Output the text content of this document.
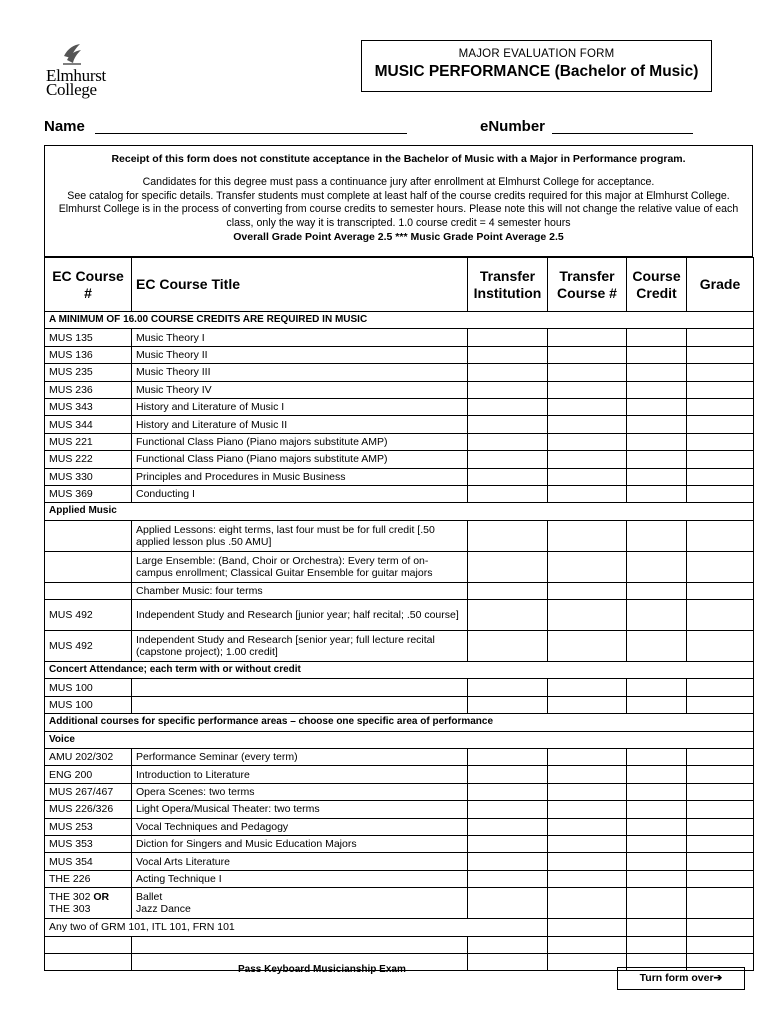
Elmhurst
College
MAJOR EVALUATION FORM
MUSIC PERFORMANCE (Bachelor of Music)
Name	eNumber
Receipt of this form does not constitute acceptance in the Bachelor of Music with a Major in Performance program.
Candidates for this degree must pass a continuance jury after enrollment at Elmhurst College for acceptance.
See catalog for specific details. Transfer students must complete at least half of the course credits required for this major at Elmhurst College. Elmhurst College is in the process of converting from course credits to semester hours. Please note this will not change the relative value of each class, only the way it is transcripted. 1.0 course credit = 4 semester hours
Overall Grade Point Average 2.5 *** Music Grade Point Average 2.5
EC Course #	EC Course Title	Transfer Institution	Transfer Course #	Course Credit	Grade
A MINIMUM OF 16.00 COURSE CREDITS ARE REQUIRED IN MUSIC					
MUS 135	Music Theory I				
MUS 136	Music Theory II				
MUS 235	Music Theory III				
MUS 236	Music Theory IV				
MUS 343	History and Literature of Music I				
MUS 344	History and Literature of Music II				
MUS 221	Functional Class Piano (Piano majors substitute AMP)				
MUS 222	Functional Class Piano (Piano majors substitute AMP)				
MUS 330	Principles and Procedures in Music Business				
MUS 369	Conducting I				
Applied Music					
	Applied Lessons: eight terms, last four must be for full credit [.50 applied lesson plus .50 AMU]				
	Large Ensemble: (Band, Choir or Orchestra): Every term of on-campus enrollment; Classical Guitar Ensemble for guitar majors				
	Chamber Music: four terms				
MUS 492	Independent Study and Research [junior year; half recital; .50 course]				
MUS 492	Independent Study and Research [senior year; full lecture recital (capstone project); 1.00 credit]				
Concert Attendance; each term with or without credit					
MUS 100					
MUS 100					
Additional courses for specific performance areas – choose one specific area of performance					
Voice					
AMU 202/302	Performance Seminar (every term)				
ENG 200	Introduction to Literature				
MUS 267/467	Opera Scenes: two terms				
MUS 226/326	Light Opera/Musical Theater: two terms				
MUS 253	Vocal Techniques and Pedagogy				
MUS 353	Diction for Singers and Music Education Majors				
MUS 354	Vocal Arts Literature				
THE 226	Acting Technique I				
THE 302 OR
THE 303	Ballet
Jazz Dance				
Any two of GRM 101, ITL 101, FRN 101					

Pass Keyboard Musicianship Exam
Turn form over➔
